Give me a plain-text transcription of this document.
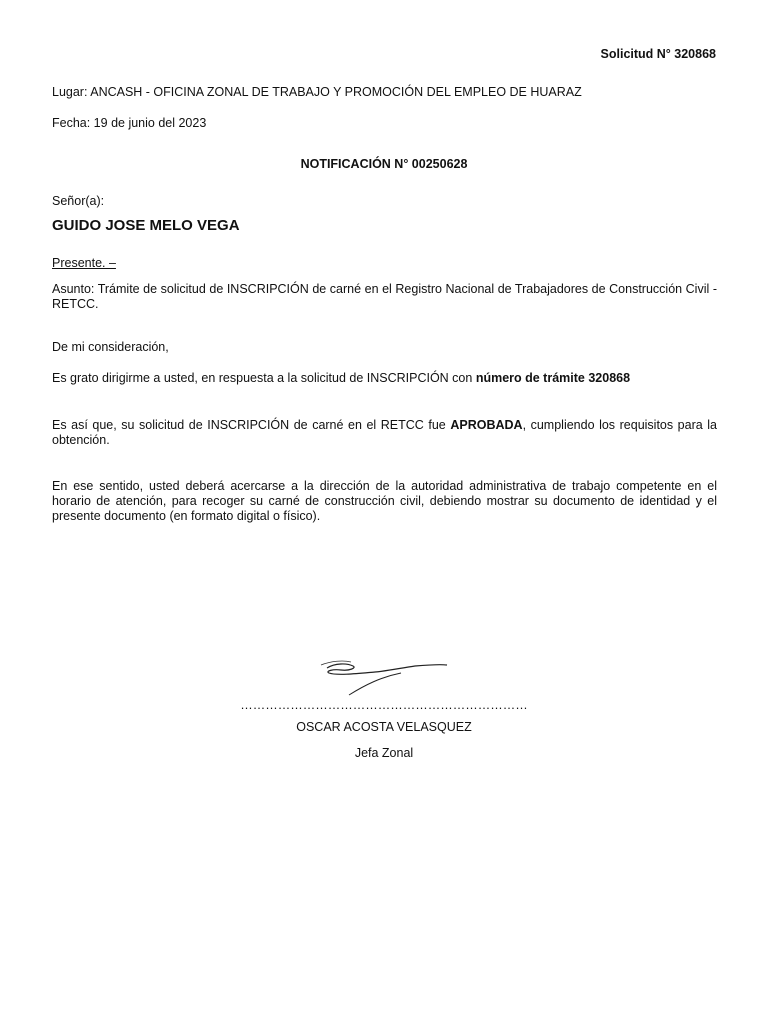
Solicitud N° 320868
Lugar: ANCASH - OFICINA ZONAL DE TRABAJO Y PROMOCIÓN DEL EMPLEO DE HUARAZ
Fecha: 19 de junio del 2023
NOTIFICACIÓN N° 00250628
Señor(a):
GUIDO JOSE MELO VEGA
Presente. –
Asunto: Trámite de solicitud de INSCRIPCIÓN de carné en el Registro Nacional de Trabajadores de Construcción Civil - RETCC.
De mi consideración,
Es grato dirigirme a usted, en respuesta a la solicitud de INSCRIPCIÓN con número de trámite 320868
Es así que, su solicitud de INSCRIPCIÓN de carné en el RETCC fue APROBADA, cumpliendo los requisitos para la obtención.
En ese sentido, usted deberá acercarse a la dirección de la autoridad administrativa de trabajo competente en el horario de atención, para recoger su carné de construcción civil, debiendo mostrar su documento de identidad y el presente documento (en formato digital o físico).
……………………………………………………………
OSCAR ACOSTA VELASQUEZ
Jefa Zonal
